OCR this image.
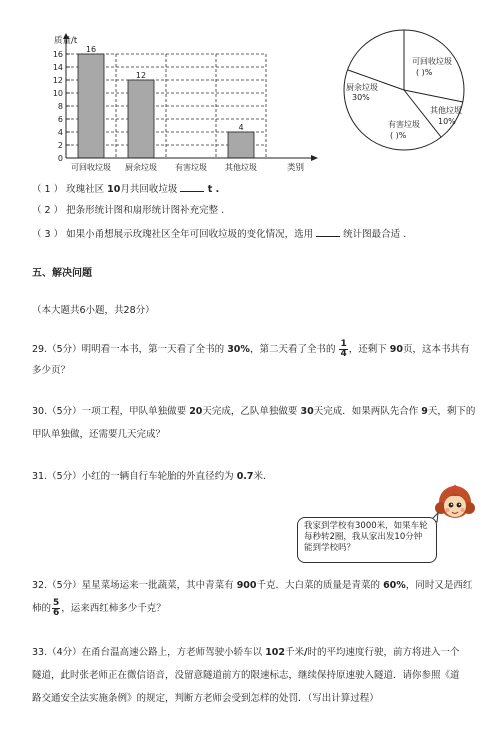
0
2
4
6
8
10
12
14
16
可回收垃圾 厨余垃圾 有害垃圾 其他垃圾
16
12
4
质量/t
类别
可回收垃圾
( )%
厨余垃圾
30%
有害垃圾
( )%
其他垃圾
10%
（ 1 ） 玫瑰社区 10月共回收垃圾	t .
（ 2 ） 把条形统计图和扇形统计图补充完整 .
（ 3 ） 如果小甬想展示玫瑰社区全年可回收垃圾的变化情况，选用	统计图最合适 .
五、解决问题
（本大题共6小题，共28分）
29.（5分）明明看一本书，第一天看了全书的 30%，第二天看了全书的 $\frac{1}{4}$ ，还剩下 90页，这本书共有
多少页？
30.（5分）一项工程，甲队单独做要 20天完成，乙队单独做要 30天完成．如果两队先合作 9天，剩下的
甲队单独做，还需要几天完成？
31.（5分）小红的一辆自行车轮胎的外直径约为 0.7米．
我家到学校有3000米，如果车轮每秒转2圈，我从家出发10分钟能到学校吗？
32.（5分）星星菜场运来一批蔬菜，其中青菜有 900千克．大白菜的质量是青菜的 60%，同时又是西红
柿的 $\frac{5}{6}$ ，运来西红柿多少千克？
33.（4分）在甬台温高速公路上，方老师驾驶小轿车以 102千米/时的平均速度行驶，前方将进入一个
隧道，此时张老师正在微信语音，没留意隧道前方的限速标志，继续保持原速驶入隧道．请你参照《道
路交通安全法实施条例》的规定，判断方老师会受到怎样的处罚．（写出计算过程）
